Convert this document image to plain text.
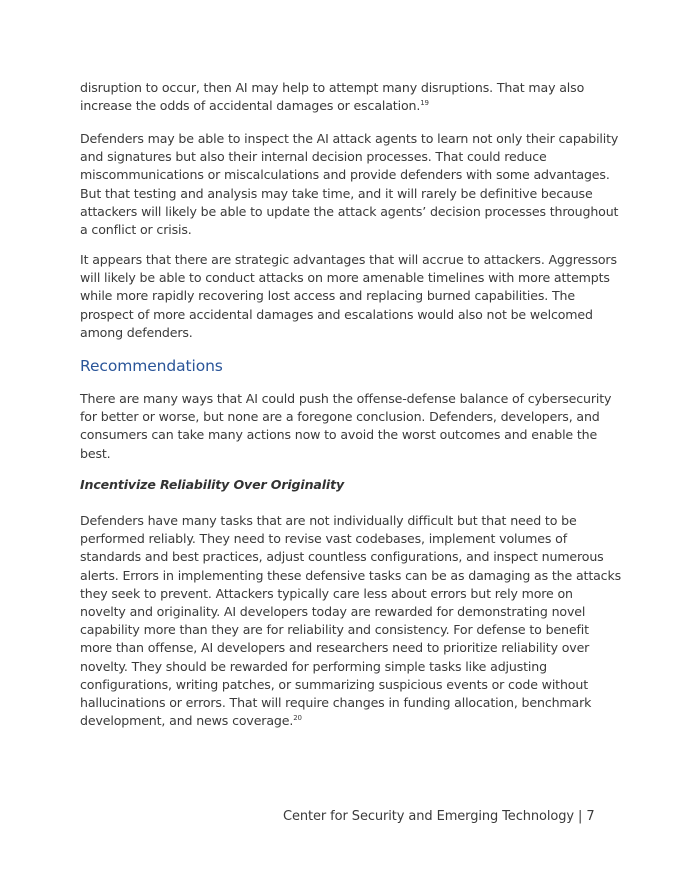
disruption to occur, then AI may help to attempt many disruptions. That may also
increase the odds of accidental damages or escalation.$^{19}$

Defenders may be able to inspect the AI attack agents to learn not only their capability
and signatures but also their internal decision processes. That could reduce
miscommunications or miscalculations and provide defenders with some advantages.
But that testing and analysis may take time, and it will rarely be definitive because
attackers will likely be able to update the attack agents’ decision processes throughout
a conflict or crisis.

It appears that there are strategic advantages that will accrue to attackers. Aggressors
will likely be able to conduct attacks on more amenable timelines with more attempts
while more rapidly recovering lost access and replacing burned capabilities. The
prospect of more accidental damages and escalations would also not be welcomed
among defenders.

Recommendations

There are many ways that AI could push the offense-defense balance of cybersecurity
for better or worse, but none are a foregone conclusion. Defenders, developers, and
consumers can take many actions now to avoid the worst outcomes and enable the
best.

Incentivize Reliability Over Originality

Defenders have many tasks that are not individually difficult but that need to be
performed reliably. They need to revise vast codebases, implement volumes of
standards and best practices, adjust countless configurations, and inspect numerous
alerts. Errors in implementing these defensive tasks can be as damaging as the attacks
they seek to prevent. Attackers typically care less about errors but rely more on
novelty and originality. AI developers today are rewarded for demonstrating novel
capability more than they are for reliability and consistency. For defense to benefit
more than offense, AI developers and researchers need to prioritize reliability over
novelty. They should be rewarded for performing simple tasks like adjusting
configurations, writing patches, or summarizing suspicious events or code without
hallucinations or errors. That will require changes in funding allocation, benchmark
development, and news coverage.$^{20}$

Center for Security and Emerging Technology | 7
